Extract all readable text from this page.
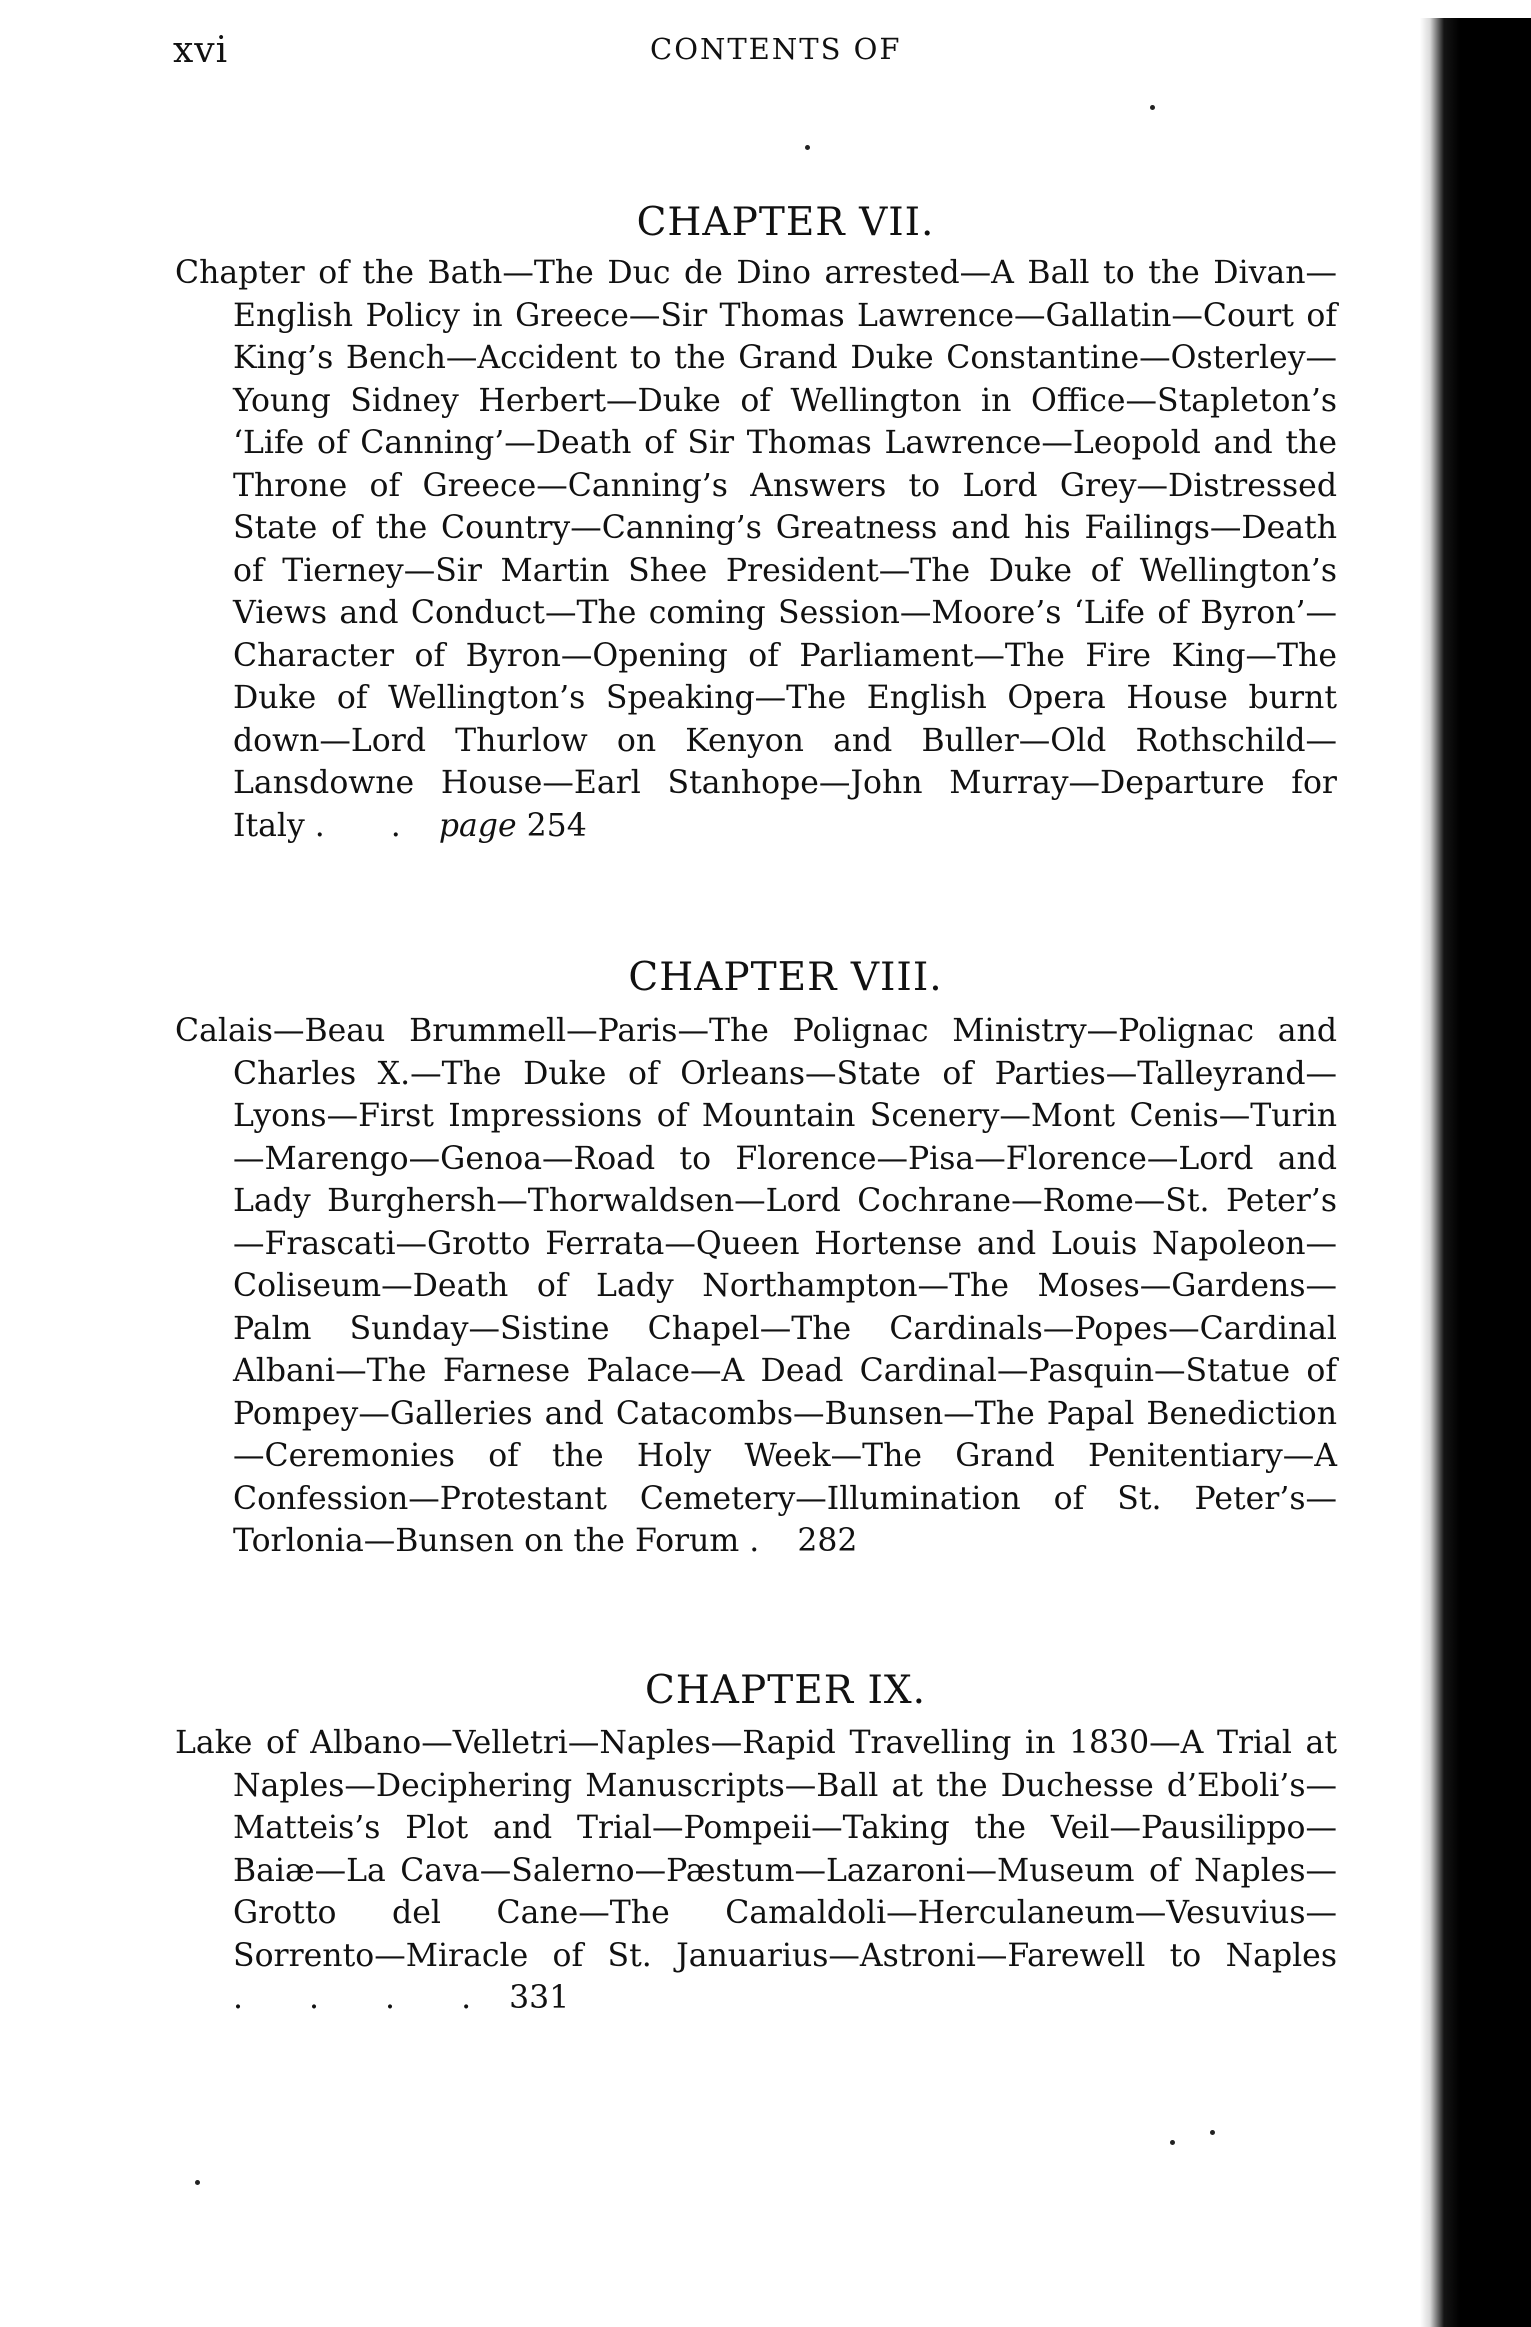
xvi	CONTENTS OF
CHAPTER VII.

Chapter of the Bath—The Duc de Dino arrested—A Ball to the Divan—English Policy in Greece—Sir Thomas Lawrence—Gallatin—Court of King’s Bench—Accident to the Grand Duke Constantine—Osterley—Young Sidney Herbert—Duke of Wellington in Office—Stapleton’s ‘Life of Canning’—Death of Sir Thomas Lawrence—Leopold and the Throne of Greece—Canning’s Answers to Lord Grey—Distressed State of the Country—Canning’s Greatness and his Failings—Death of Tierney—Sir Martin Shee President—The Duke of Wellington’s Views and Conduct—The coming Session—Moore’s ‘Life of Byron’—Character of Byron—Opening of Parliament—The Fire King—The Duke of Wellington’s Speaking—The English Opera House burnt down—Lord Thurlow on Kenyon and Buller—Old Rothschild—Lansdowne House—Earl Stanhope—John Murray—Departure for Italy . . page 254

CHAPTER VIII.

Calais—Beau Brummell—Paris—The Polignac Ministry—Polignac and Charles X.—The Duke of Orleans—State of Parties—Talleyrand—Lyons—First Impressions of Mountain Scenery—Mont Cenis—Turin—Marengo—Genoa—Road to Florence—Pisa—Florence—Lord and Lady Burghersh—Thorwaldsen—Lord Cochrane—Rome—St. Peter’s—Frascati—Grotto Ferrata—Queen Hortense and Louis Napoleon—Coliseum—Death of Lady Northampton—The Moses—Gardens—Palm Sunday—Sistine Chapel—The Cardinals—Popes—Cardinal Albani—The Farnese Palace—A Dead Cardinal—Pasquin—Statue of Pompey—Galleries and Catacombs—Bunsen—The Papal Benediction—Ceremonies of the Holy Week—The Grand Penitentiary—A Confession—Protestant Cemetery—Illumination of St. Peter’s—Torlonia—Bunsen on the Forum . 282

CHAPTER IX.

Lake of Albano—Velletri—Naples—Rapid Travelling in 1830—A Trial at Naples—Deciphering Manuscripts—Ball at the Duchesse d’Eboli’s—Matteis’s Plot and Trial—Pompeii—Taking the Veil—Pausilippo—Baiæ—La Cava—Salerno—Pæstum—Lazaroni—Museum of Naples—Grotto del Cane—The Camaldoli—Herculaneum—Vesuvius—Sorrento—Miracle of St. Januarius—Astroni—Farewell to Naples . . . . 331
